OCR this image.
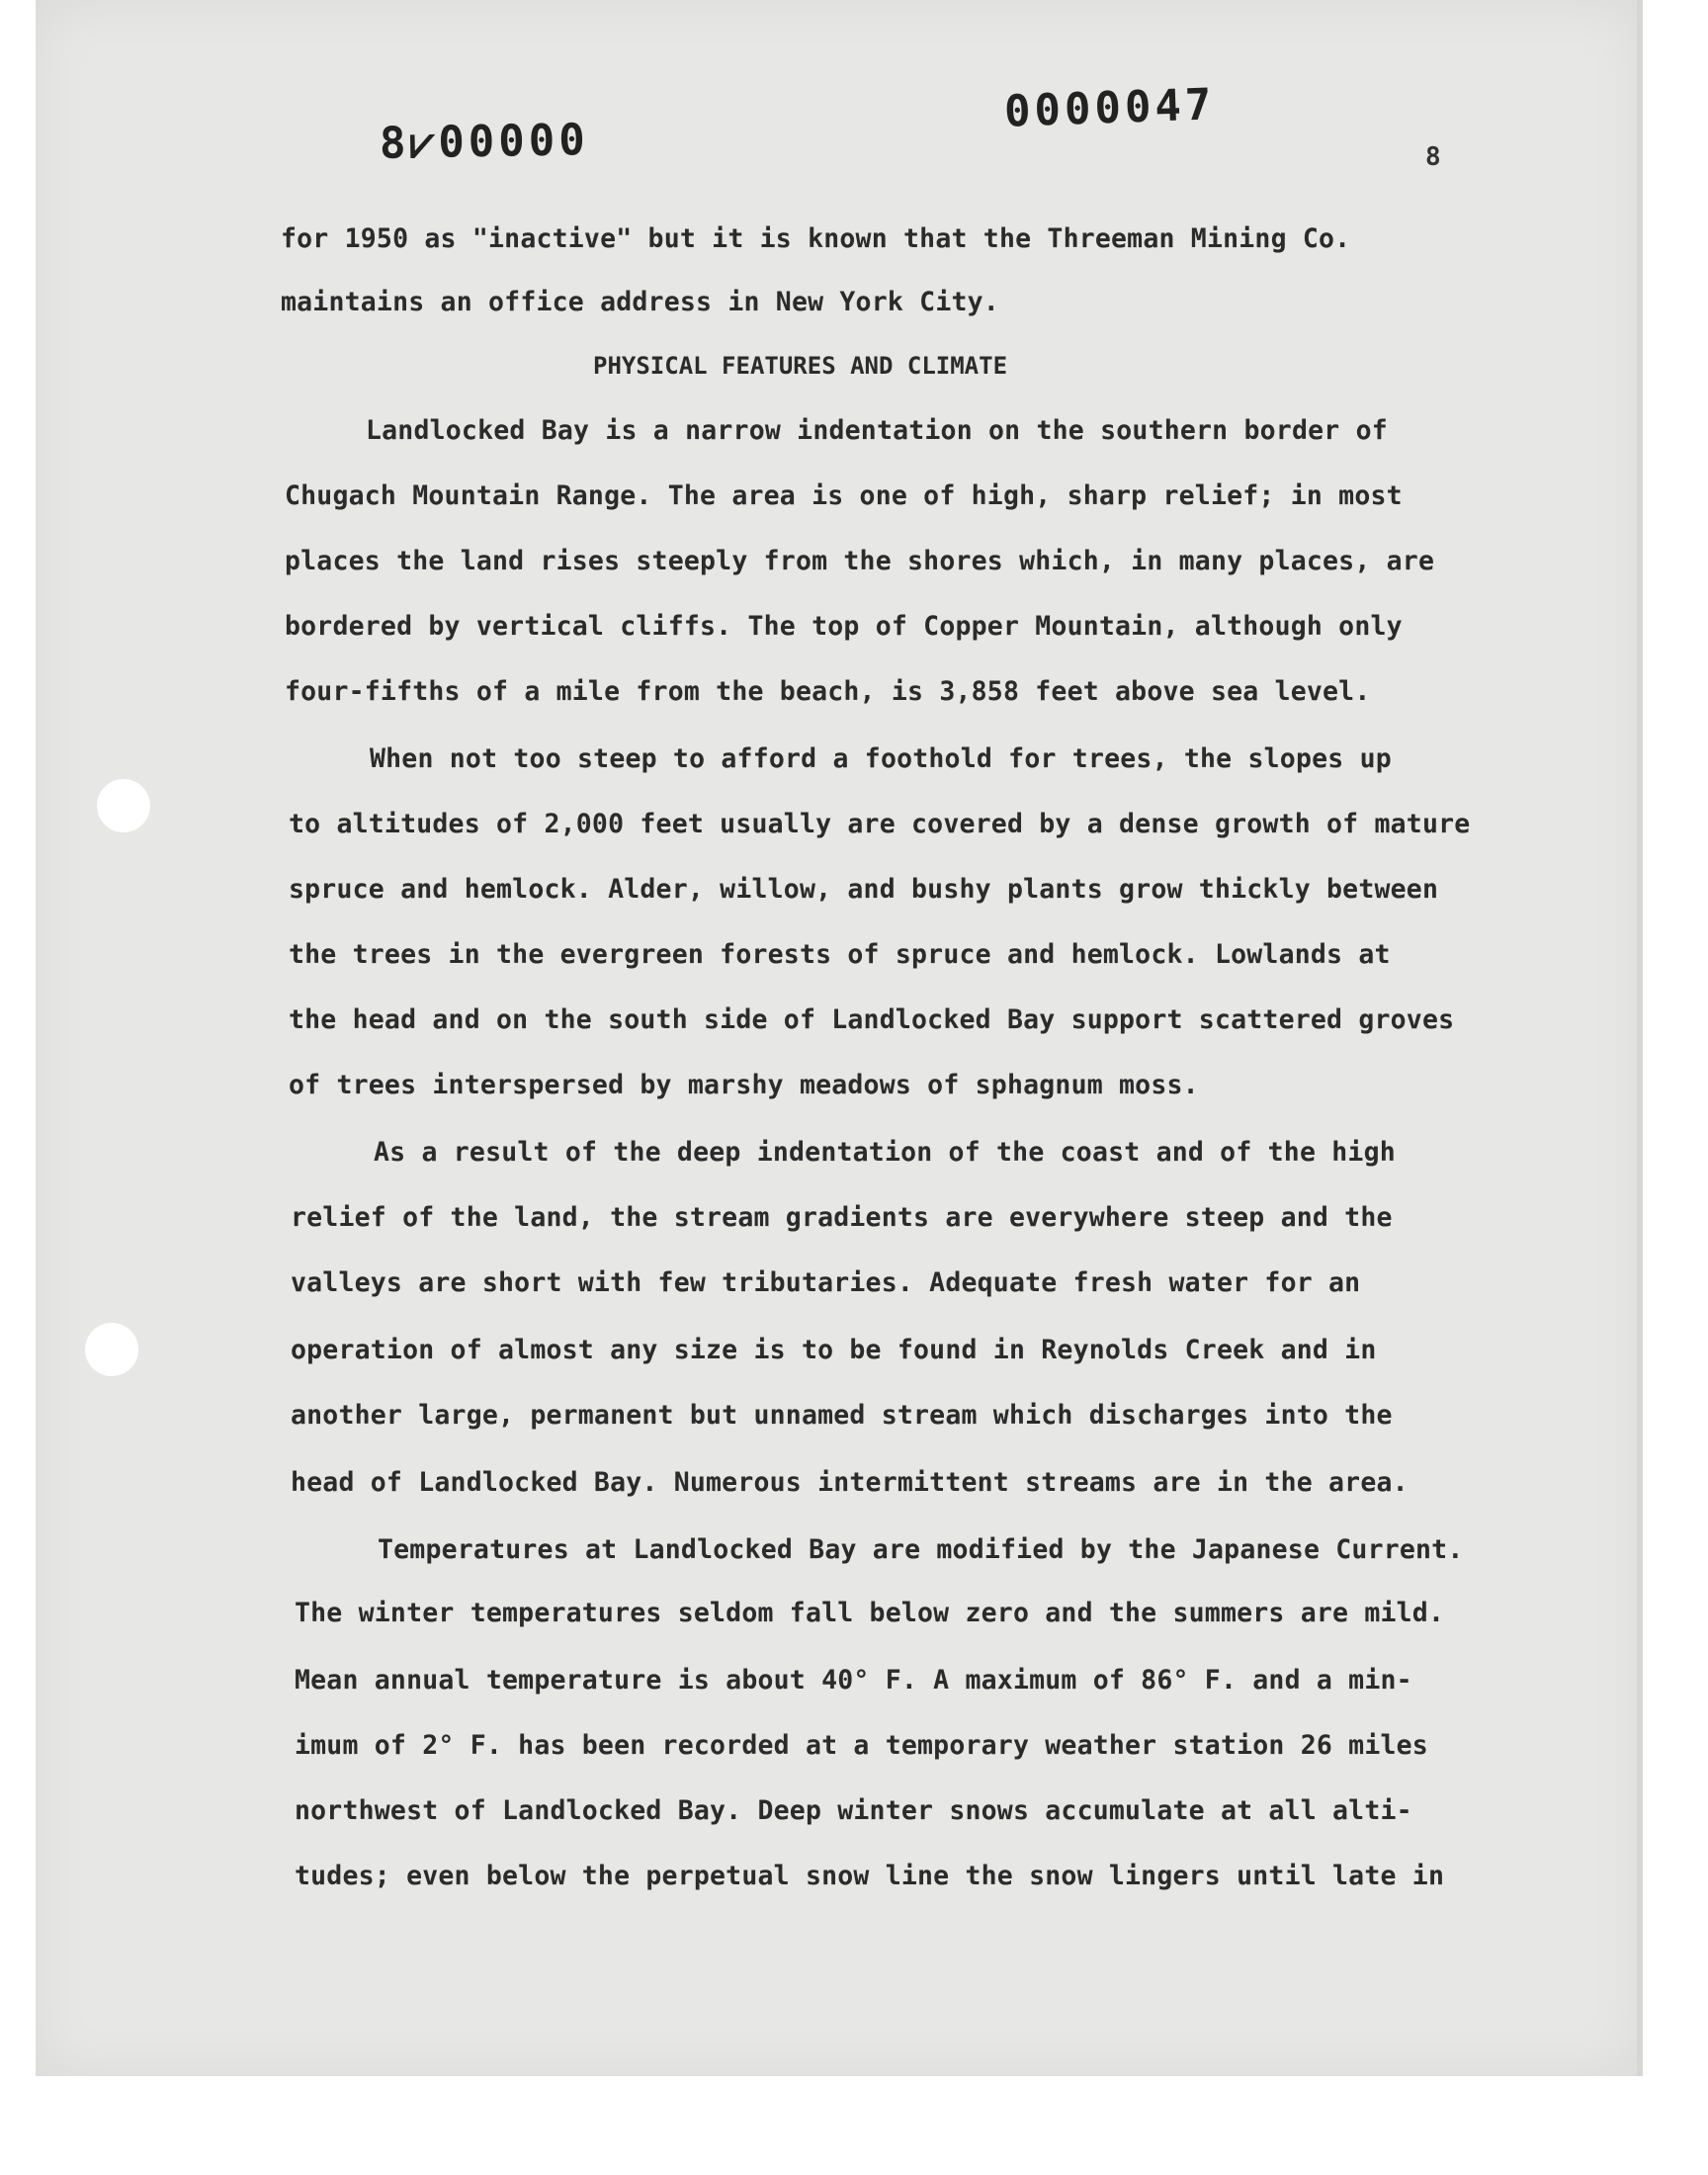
8⩗00000
0000047
8
PHYSICAL FEATURES AND CLIMATE
for 1950 as "inactive" but it is known that the Threeman Mining Co.
maintains an office address in New York City.
Landlocked Bay is a narrow indentation on the southern border of
Chugach Mountain Range. The area is one of high, sharp relief; in most
places the land rises steeply from the shores which, in many places, are
bordered by vertical cliffs. The top of Copper Mountain, although only
four-fifths of a mile from the beach, is 3,858 feet above sea level.
When not too steep to afford a foothold for trees, the slopes up
to altitudes of 2,000 feet usually are covered by a dense growth of mature
spruce and hemlock. Alder, willow, and bushy plants grow thickly between
the trees in the evergreen forests of spruce and hemlock. Lowlands at
the head and on the south side of Landlocked Bay support scattered groves
of trees interspersed by marshy meadows of sphagnum moss.
As a result of the deep indentation of the coast and of the high
relief of the land, the stream gradients are everywhere steep and the
valleys are short with few tributaries. Adequate fresh water for an
operation of almost any size is to be found in Reynolds Creek and in
another large, permanent but unnamed stream which discharges into the
head of Landlocked Bay. Numerous intermittent streams are in the area.
Temperatures at Landlocked Bay are modified by the Japanese Current.
The winter temperatures seldom fall below zero and the summers are mild.
Mean annual temperature is about 40° F. A maximum of 86° F. and a min-
imum of 2° F. has been recorded at a temporary weather station 26 miles
northwest of Landlocked Bay. Deep winter snows accumulate at all alti-
tudes; even below the perpetual snow line the snow lingers until late in
